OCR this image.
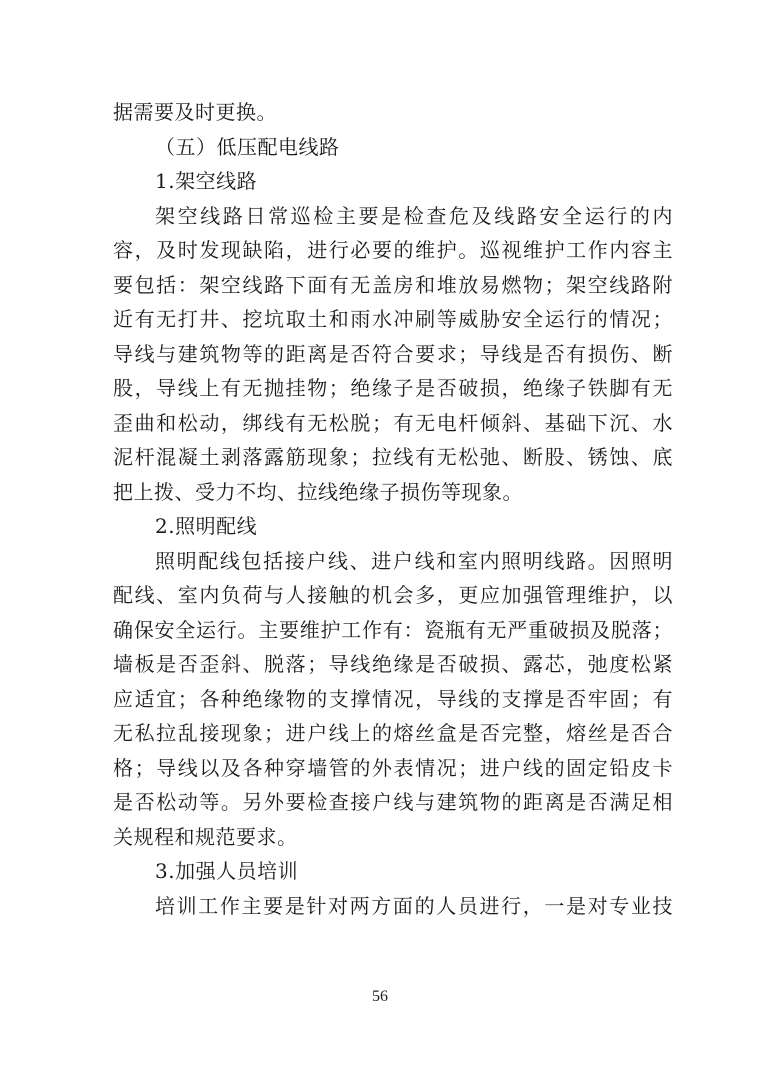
据需要及时更换。
（五）低压配电线路
1.架空线路
架空线路日常巡检主要是检查危及线路安全运行的内
容，及时发现缺陷，进行必要的维护。巡视维护工作内容主
要包括：架空线路下面有无盖房和堆放易燃物；架空线路附
近有无打井、挖坑取土和雨水冲刷等威胁安全运行的情况；
导线与建筑物等的距离是否符合要求；导线是否有损伤、断
股，导线上有无抛挂物；绝缘子是否破损，绝缘子铁脚有无
歪曲和松动，绑线有无松脱；有无电杆倾斜、基础下沉、水
泥杆混凝土剥落露筋现象；拉线有无松弛、断股、锈蚀、底
把上拨、受力不均、拉线绝缘子损伤等现象。
2.照明配线
照明配线包括接户线、进户线和室内照明线路。因照明
配线、室内负荷与人接触的机会多，更应加强管理维护，以
确保安全运行。主要维护工作有：瓷瓶有无严重破损及脱落；
墙板是否歪斜、脱落；导线绝缘是否破损、露芯，弛度松紧
应适宜；各种绝缘物的支撑情况，导线的支撑是否牢固；有
无私拉乱接现象；进户线上的熔丝盒是否完整，熔丝是否合
格；导线以及各种穿墙管的外表情况；进户线的固定铅皮卡
是否松动等。另外要检查接户线与建筑物的距离是否满足相
关规程和规范要求。
3.加强人员培训
培训工作主要是针对两方面的人员进行，一是对专业技
56
